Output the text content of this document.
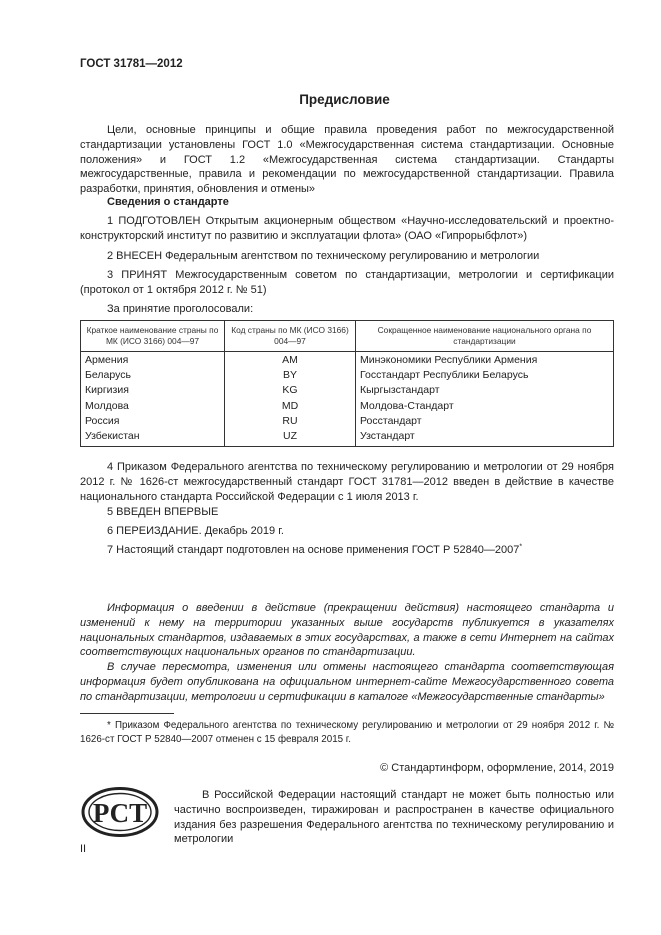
ГОСТ 31781—2012
Предисловие

Цели, основные принципы и общие правила проведения работ по межгосударственной стандартизации установлены ГОСТ 1.0 «Межгосударственная система стандартизации. Основные положения» и ГОСТ 1.2 «Межгосударственная система стандартизации. Стандарты межгосударственные, правила и рекомендации по межгосударственной стандартизации. Правила разработки, принятия, обновления и отмены»

Сведения о стандарте

1 ПОДГОТОВЛЕН Открытым акционерным обществом «Научно-исследовательский и проектно-конструкторский институт по развитию и эксплуатации флота» (ОАО «Гипрорыбфлот»)

2 ВНЕСЕН Федеральным агентством по техническому регулированию и метрологии

3 ПРИНЯТ Межгосударственным советом по стандартизации, метрологии и сертификации (протокол от 1 октября 2012 г. № 51)

За принятие проголосовали:

Краткое наименование страны по МК (ИСО 3166) 004—97	Код страны по МК (ИСО 3166) 004—97	Сокращенное наименование национального органа по стандартизации
Армения	AM	Минэкономики Республики Армения
Беларусь	BY	Госстандарт Республики Беларусь
Киргизия	KG	Кыргызстандарт
Молдова	MD	Молдова-Стандарт
Россия	RU	Росстандарт
Узбекистан	UZ	Узстандарт

4 Приказом Федерального агентства по техническому регулированию и метрологии от 29 ноября 2012 г. № 1626-ст межгосударственный стандарт ГОСТ 31781—2012 введен в действие в качестве национального стандарта Российской Федерации с 1 июля 2013 г.

5 ВВЕДЕН ВПЕРВЫЕ

6 ПЕРЕИЗДАНИЕ. Декабрь 2019 г.

7 Настоящий стандарт подготовлен на основе применения ГОСТ Р 52840—2007*

Информация о введении в действие (прекращении действия) настоящего стандарта и изменений к нему на территории указанных выше государств публикуется в указателях национальных стандартов, издаваемых в этих государствах, а также в сети Интернет на сайтах соответствующих национальных органов по стандартизации.

В случае пересмотра, изменения или отмены настоящего стандарта соответствующая информация будет опубликована на официальном интернет-сайте Межгосударственного совета по стандартизации, метрологии и сертификации в каталоге «Межгосударственные стандарты»

* Приказом Федерального агентства по техническому регулированию и метрологии от 29 ноября 2012 г. № 1626-ст ГОСТ Р 52840—2007 отменен с 15 февраля 2015 г.

© Стандартинформ, оформление, 2014, 2019
РСТ

В Российской Федерации настоящий стандарт не может быть полностью или частично воспроизведен, тиражирован и распространен в качестве официального издания без разрешения Федерального агентства по техническому регулированию и метрологии

II
